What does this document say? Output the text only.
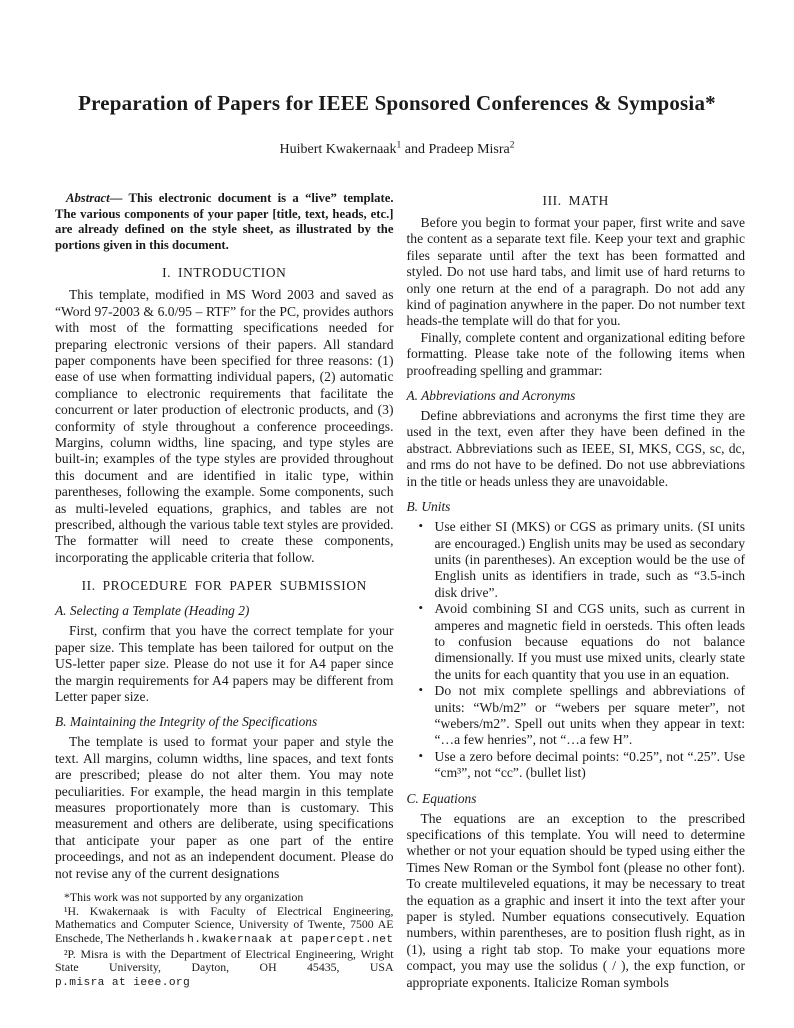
Preparation of Papers for IEEE Sponsored Conferences & Symposia*
Huibert Kwakernaak$^1$ and Pradeep Misra$^2$

Abstract— This electronic document is a “live” template. The various components of your paper [title, text, heads, etc.] are already defined on the style sheet, as illustrated by the portions given in this document.

I. INTRODUCTION

This template, modified in MS Word 2003 and saved as “Word 97-2003 & 6.0/95 – RTF” for the PC, provides authors with most of the formatting specifications needed for preparing electronic versions of their papers. All standard paper components have been specified for three reasons: (1) ease of use when formatting individual papers, (2) automatic compliance to electronic requirements that facilitate the concurrent or later production of electronic products, and (3) conformity of style throughout a conference proceedings. Margins, column widths, line spacing, and type styles are built-in; examples of the type styles are provided throughout this document and are identified in italic type, within parentheses, following the example. Some components, such as multi-leveled equations, graphics, and tables are not prescribed, although the various table text styles are provided. The formatter will need to create these components, incorporating the applicable criteria that follow.

II. PROCEDURE FOR PAPER SUBMISSION
A. Selecting a Template (Heading 2)

First, confirm that you have the correct template for your paper size. This template has been tailored for output on the US-letter paper size. Please do not use it for A4 paper since the margin requirements for A4 papers may be different from Letter paper size.

B. Maintaining the Integrity of the Specifications

The template is used to format your paper and style the text. All margins, column widths, line spaces, and text fonts are prescribed; please do not alter them. You may note peculiarities. For example, the head margin in this template measures proportionately more than is customary. This measurement and others are deliberate, using specifications that anticipate your paper as one part of the entire proceedings, and not as an independent document. Please do not revise any of the current designations

*This work was not supported by any organization

¹H. Kwakernaak is with Faculty of Electrical Engineering, Mathematics and Computer Science, University of Twente, 7500 AE Enschede, The Netherlands h.kwakernaak at papercept.net

²P. Misra is with the Department of Electrical Engineering, Wright State University, Dayton, OH 45435, USA p.misra at ieee.org

III. MATH

Before you begin to format your paper, first write and save the content as a separate text file. Keep your text and graphic files separate until after the text has been formatted and styled. Do not use hard tabs, and limit use of hard returns to only one return at the end of a paragraph. Do not add any kind of pagination anywhere in the paper. Do not number text heads-the template will do that for you.

Finally, complete content and organizational editing before formatting. Please take note of the following items when proofreading spelling and grammar:

A. Abbreviations and Acronyms

Define abbreviations and acronyms the first time they are used in the text, even after they have been defined in the abstract. Abbreviations such as IEEE, SI, MKS, CGS, sc, dc, and rms do not have to be defined. Do not use abbreviations in the title or heads unless they are unavoidable.

B. Units
• Use either SI (MKS) or CGS as primary units. (SI units are encouraged.) English units may be used as secondary units (in parentheses). An exception would be the use of English units as identifiers in trade, such as “3.5-inch disk drive”.
• Avoid combining SI and CGS units, such as current in amperes and magnetic field in oersteds. This often leads to confusion because equations do not balance dimensionally. If you must use mixed units, clearly state the units for each quantity that you use in an equation.
• Do not mix complete spellings and abbreviations of units: “Wb/m2” or “webers per square meter”, not “webers/m2”. Spell out units when they appear in text: “…a few henries”, not “…a few H”.
• Use a zero before decimal points: “0.25”, not “.25”. Use “cm³”, not “cc”. (bullet list)
C. Equations

The equations are an exception to the prescribed specifications of this template. You will need to determine whether or not your equation should be typed using either the Times New Roman or the Symbol font (please no other font). To create multileveled equations, it may be necessary to treat the equation as a graphic and insert it into the text after your paper is styled. Number equations consecutively. Equation numbers, within parentheses, are to position flush right, as in (1), using a right tab stop. To make your equations more compact, you may use the solidus ( / ), the exp function, or appropriate exponents. Italicize Roman symbols
